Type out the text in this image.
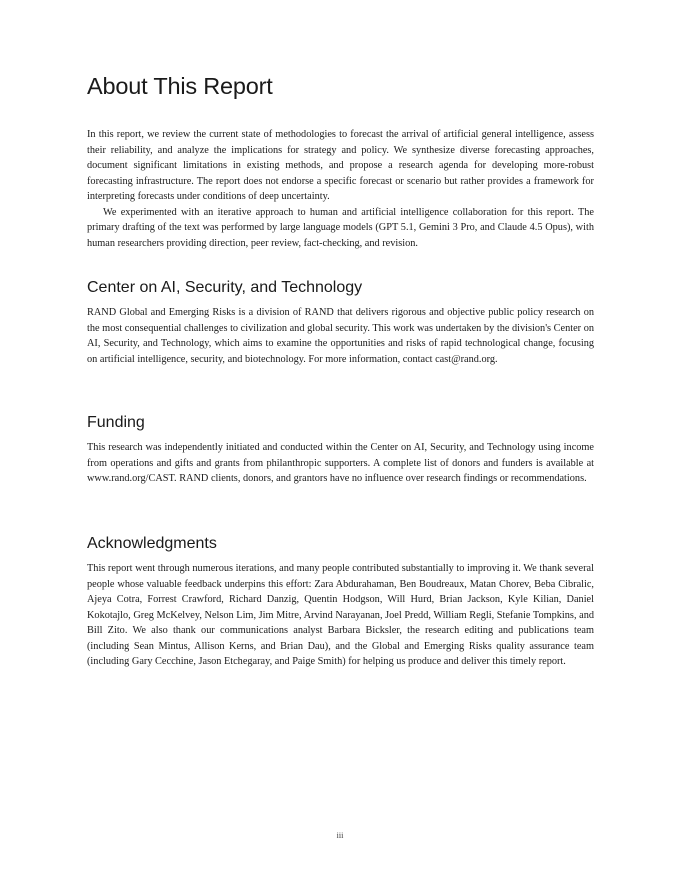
About This Report

In this report, we review the current state of methodologies to forecast the arrival of artificial general intelligence, assess their reliability, and analyze the implications for strategy and policy. We synthesize diverse forecasting approaches, document significant limitations in existing methods, and propose a research agenda for developing more-robust forecasting infrastructure. The report does not endorse a specific forecast or scenario but rather provides a framework for interpreting forecasts under conditions of deep uncertainty.

We experimented with an iterative approach to human and artificial intelligence collaboration for this report. The primary drafting of the text was performed by large language models (GPT 5.1, Gemini 3 Pro, and Claude 4.5 Opus), with human researchers providing direction, peer review, fact-checking, and revision.

Center on AI, Security, and Technology

RAND Global and Emerging Risks is a division of RAND that delivers rigorous and objective public policy research on the most consequential challenges to civilization and global security. This work was undertaken by the division's Center on AI, Security, and Technology, which aims to examine the opportunities and risks of rapid technological change, focusing on artificial intelligence, security, and biotechnology. For more information, contact cast@rand.org.

Funding

This research was independently initiated and conducted within the Center on AI, Security, and Technology using income from operations and gifts and grants from philanthropic supporters. A complete list of donors and funders is available at www.rand.org/CAST. RAND clients, donors, and grantors have no influence over research findings or recommendations.

Acknowledgments

This report went through numerous iterations, and many people contributed substantially to improving it. We thank several people whose valuable feedback underpins this effort: Zara Abdurahaman, Ben Boudreaux, Matan Chorev, Beba Cibralic, Ajeya Cotra, Forrest Crawford, Richard Danzig, Quentin Hodgson, Will Hurd, Brian Jackson, Kyle Kilian, Daniel Kokotajlo, Greg McKelvey, Nelson Lim, Jim Mitre, Arvind Narayanan, Joel Predd, William Regli, Stefanie Tompkins, and Bill Zito. We also thank our communications analyst Barbara Bicksler, the research editing and publications team (including Sean Mintus, Allison Kerns, and Brian Dau), and the Global and Emerging Risks quality assurance team (including Gary Cecchine, Jason Etchegaray, and Paige Smith) for helping us produce and deliver this timely report.

iii
